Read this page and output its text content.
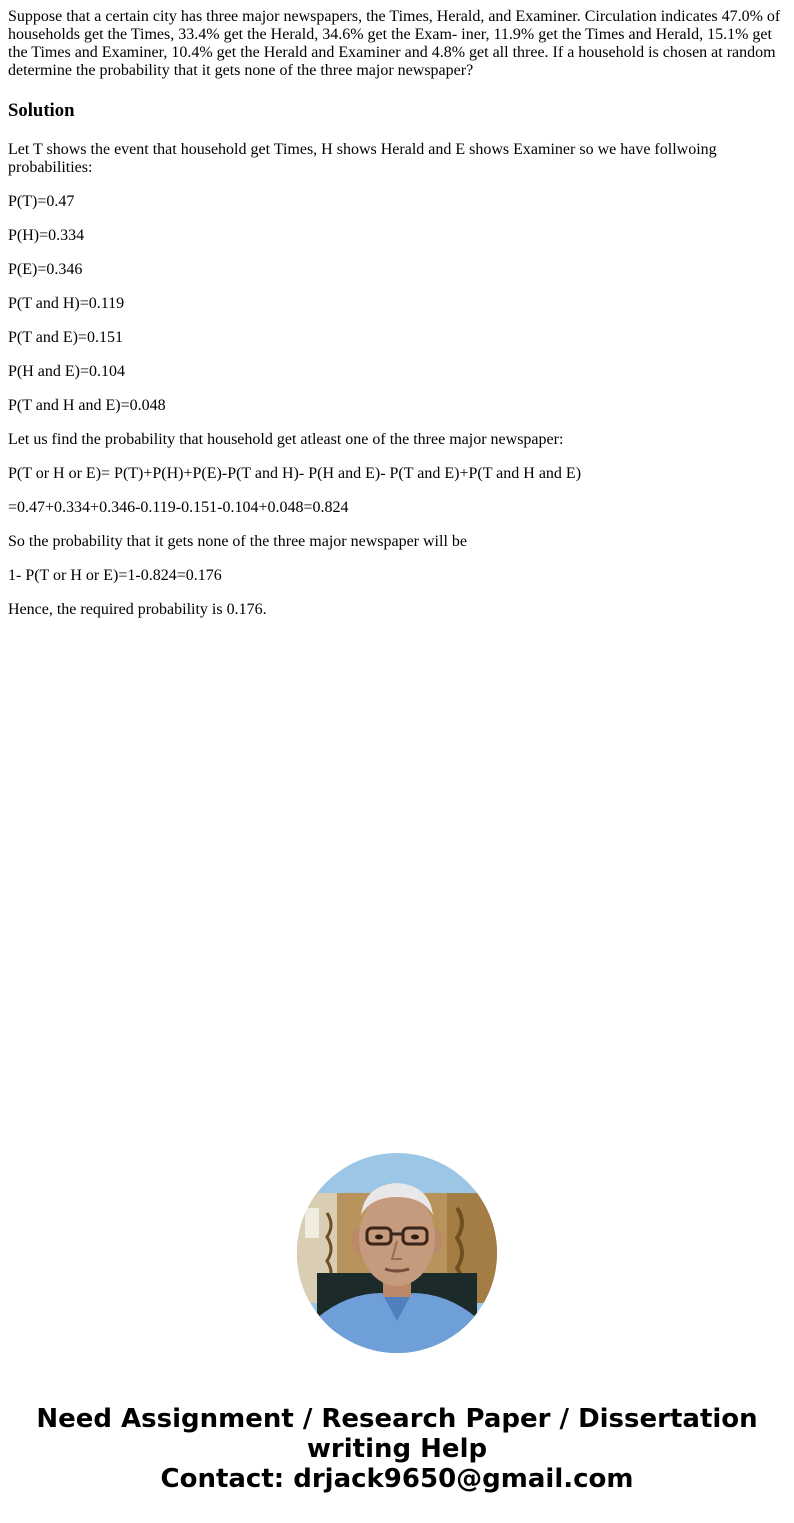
Suppose that a certain city has three major newspapers, the Times, Herald, and Examiner. Circulation indicates 47.0% of households get the Times, 33.4% get the Herald, 34.6% get the Exam- iner, 11.9% get the Times and Herald, 15.1% get the Times and Examiner, 10.4% get the Herald and Examiner and 4.8% get all three. If a household is chosen at random determine the probability that it gets none of the three major newspaper?

Solution

Let T shows the event that household get Times, H shows Herald and E shows Examiner so we have follwoing probabilities:

P(T)=0.47

P(H)=0.334

P(E)=0.346

P(T and H)=0.119

P(T and E)=0.151

P(H and E)=0.104

P(T and H and E)=0.048

Let us find the probability that household get atleast one of the three major newspaper:

P(T or H or E)= P(T)+P(H)+P(E)-P(T and H)- P(H and E)- P(T and E)+P(T and H and E)

=0.47+0.334+0.346-0.119-0.151-0.104+0.048=0.824

So the probability that it gets none of the three major newspaper will be

1- P(T or H or E)=1-0.824=0.176

Hence, the required probability is 0.176.

Need Assignment / Research Paper / Dissertation
writing Help
Contact: drjack9650@gmail.com
